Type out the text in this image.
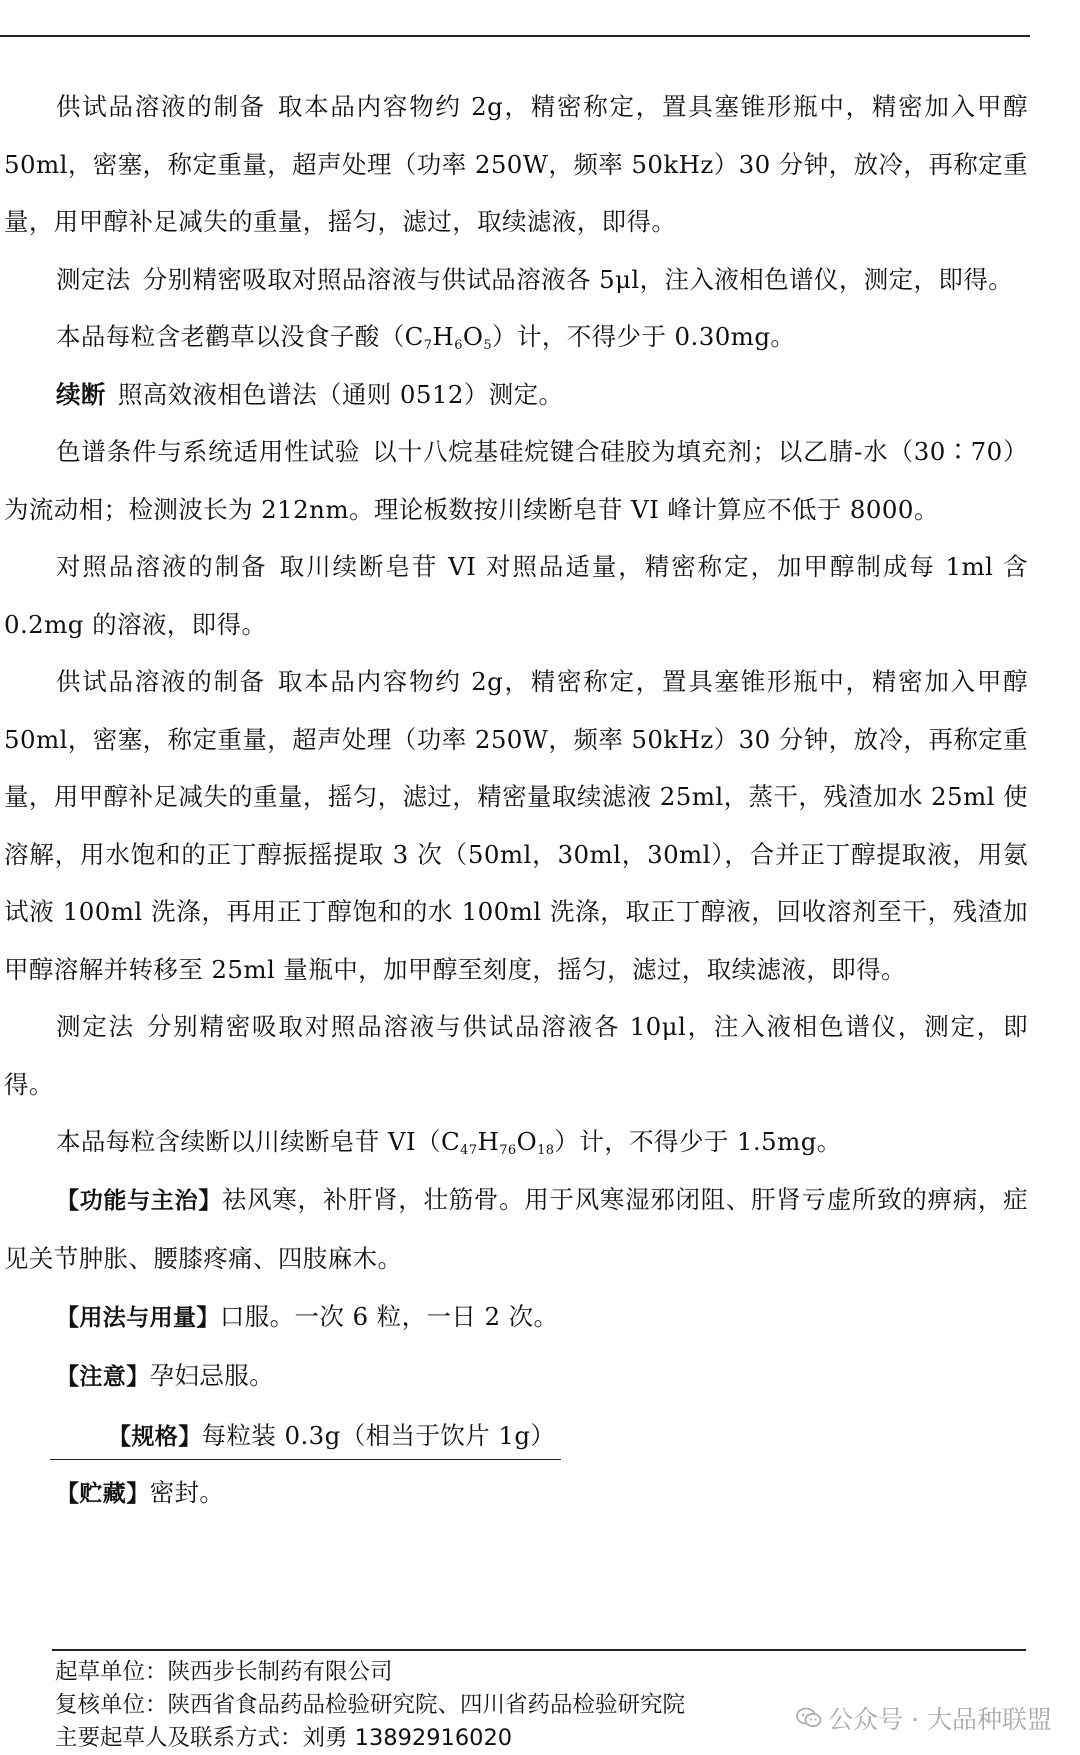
供试品溶液的制备 取本品内容物约 2g，精密称定，置具塞锥形瓶中，精密加入甲醇 50ml，密塞，称定重量，超声处理（功率 250W，频率 50kHz）30 分钟，放冷，再称定重量，用甲醇补足减失的重量，摇匀，滤过，取续滤液，即得。

测定法 分别精密吸取对照品溶液与供试品溶液各 5μl，注入液相色谱仪，测定，即得。

本品每粒含老鹳草以没食子酸$(C_7H_6O_5)$计，不得少于 0.30mg。

续断 照高效液相色谱法（通则 0512）测定。

色谱条件与系统适用性试验 以十八烷基硅烷键合硅胶为填充剂；以乙腈-水（30∶70）为流动相；检测波长为 212nm。理论板数按川续断皂苷 VI 峰计算应不低于 8000。

对照品溶液的制备 取川续断皂苷 VI 对照品适量，精密称定，加甲醇制成每 1ml 含 0.2mg 的溶液，即得。

供试品溶液的制备 取本品内容物约 2g，精密称定，置具塞锥形瓶中，精密加入甲醇 50ml，密塞，称定重量，超声处理（功率 250W，频率 50kHz）30 分钟，放冷，再称定重量，用甲醇补足减失的重量，摇匀，滤过，精密量取续滤液 25ml，蒸干，残渣加水 25ml 使溶解，用水饱和的正丁醇振摇提取 3 次（50ml，30ml，30ml），合并正丁醇提取液，用氨试液 100ml 洗涤，再用正丁醇饱和的水 100ml 洗涤，取正丁醇液，回收溶剂至干，残渣加甲醇溶解并转移至 25ml 量瓶中，加甲醇至刻度，摇匀，滤过，取续滤液，即得。

测定法 分别精密吸取对照品溶液与供试品溶液各 10μl，注入液相色谱仪，测定，即得。

本品每粒含续断以川续断皂苷 $VI(C_{47}H_{76}O_{18})$计，不得少于 1.5mg。

【功能与主治】祛风寒，补肝肾，壮筋骨。用于风寒湿邪闭阻、肝肾亏虚所致的痹病，症见关节肿胀、腰膝疼痛、四肢麻木。

【用法与用量】口服。一次 6 粒，一日 2 次。

【注意】孕妇忌服。

【规格】每粒装 0.3g（相当于饮片 1g）

【贮藏】密封。

起草单位：陕西步长制药有限公司
复核单位：陕西省食品药品检验研究院、四川省药品检验研究院
主要起草人及联系方式：刘勇 13892916020
公众号 · 大品种联盟
